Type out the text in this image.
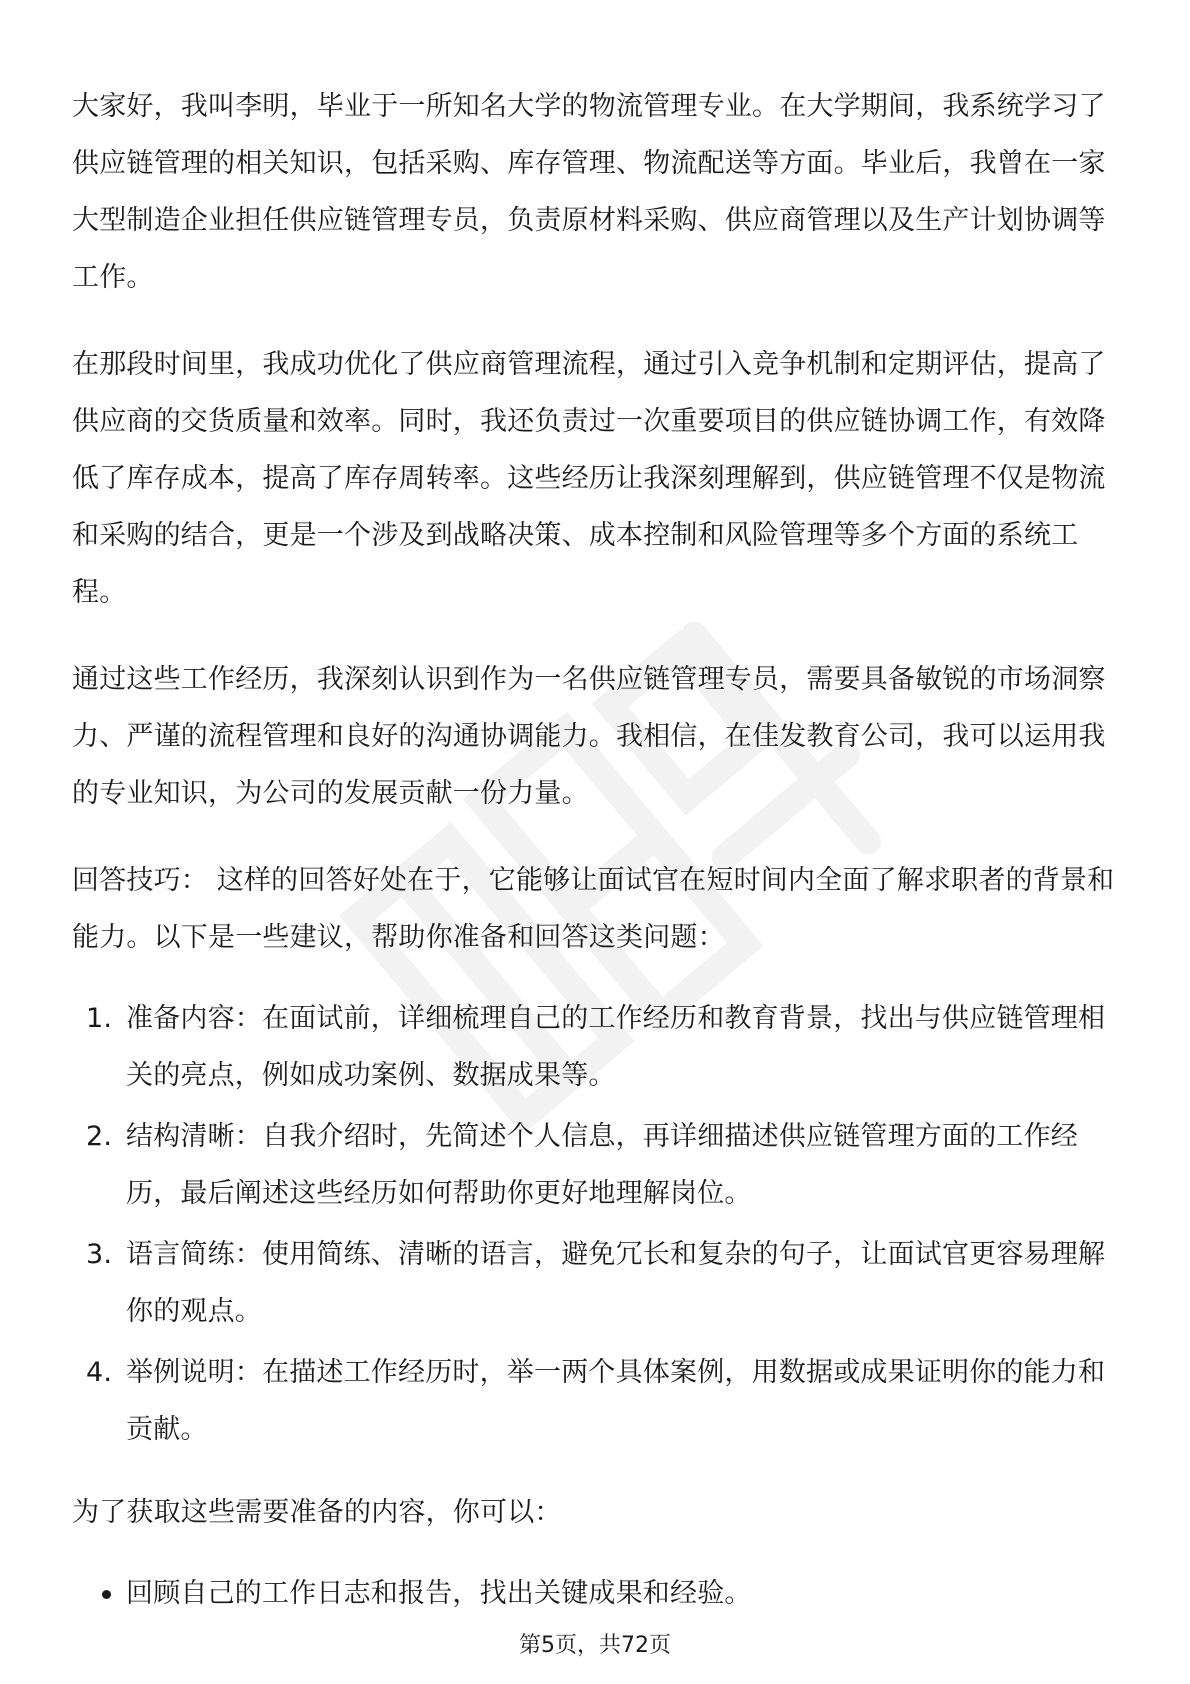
大家好，我叫李明，毕业于一所知名大学的物流管理专业。在大学期间，我系统学习了供应链管理的相关知识，包括采购、库存管理、物流配送等方面。毕业后，我曾在一家大型制造企业担任供应链管理专员，负责原材料采购、供应商管理以及生产计划协调等工作。

在那段时间里，我成功优化了供应商管理流程，通过引入竞争机制和定期评估，提高了供应商的交货质量和效率。同时，我还负责过一次重要项目的供应链协调工作，有效降低了库存成本，提高了库存周转率。这些经历让我深刻理解到，供应链管理不仅是物流和采购的结合，更是一个涉及到战略决策、成本控制和风险管理等多个方面的系统工程。

通过这些工作经历，我深刻认识到作为一名供应链管理专员，需要具备敏锐的市场洞察力、严谨的流程管理和良好的沟通协调能力。我相信，在佳发教育公司，我可以运用我的专业知识，为公司的发展贡献一份力量。

回答技巧： 这样的回答好处在于，它能够让面试官在短时间内全面了解求职者的背景和能力。以下是一些建议，帮助你准备和回答这类问题：

1. 准备内容：在面试前，详细梳理自己的工作经历和教育背景，找出与供应链管理相关的亮点，例如成功案例、数据成果等。
2. 结构清晰：自我介绍时，先简述个人信息，再详细描述供应链管理方面的工作经历，最后阐述这些经历如何帮助你更好地理解岗位。
3. 语言简练：使用简练、清晰的语言，避免冗长和复杂的句子，让面试官更容易理解你的观点。
4. 举例说明：在描述工作经历时，举一两个具体案例，用数据或成果证明你的能力和贡献。

为了获取这些需要准备的内容，你可以：

回顾自己的工作日志和报告，找出关键成果和经验。
第5页，共72页
